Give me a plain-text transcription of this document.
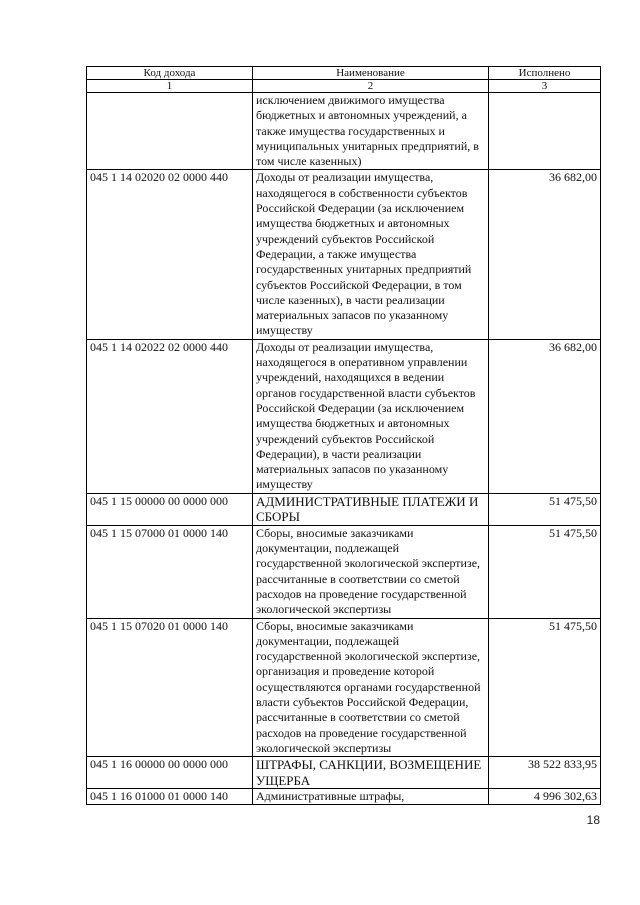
Код дохода	Наименование	Исполнено
1	2	3
	исключением движимого имущества бюджетных и автономных учреждений, а также имущества государственных и муниципальных унитарных предприятий, в том числе казенных)	
045 1 14 02020 02 0000 440	Доходы от реализации имущества, находящегося в собственности субъектов Российской Федерации (за исключением имущества бюджетных и автономных учреждений субъектов Российской Федерации, а также имущества государственных унитарных предприятий субъектов Российской Федерации, в том числе казенных), в части реализации материальных запасов по указанному имуществу	36 682,00
045 1 14 02022 02 0000 440	Доходы от реализации имущества, находящегося в оперативном управлении учреждений, находящихся в ведении органов государственной власти субъектов Российской Федерации (за исключением имущества бюджетных и автономных учреждений субъектов Российской Федерации), в части реализации материальных запасов по указанному имуществу	36 682,00
045 1 15 00000 00 0000 000	АДМИНИСТРАТИВНЫЕ ПЛАТЕЖИ И СБОРЫ	51 475,50
045 1 15 07000 01 0000 140	Сборы, вносимые заказчиками документации, подлежащей государственной экологической экспертизе, рассчитанные в соответствии со сметой расходов на проведение государственной экологической экспертизы	51 475,50
045 1 15 07020 01 0000 140	Сборы, вносимые заказчиками документации, подлежащей государственной экологической экспертизе, организация и проведение которой осуществляются органами государственной власти субъектов Российской Федерации, рассчитанные в соответствии со сметой расходов на проведение государственной экологической экспертизы	51 475,50
045 1 16 00000 00 0000 000	ШТРАФЫ, САНКЦИИ, ВОЗМЕЩЕНИЕ УЩЕРБА	38 522 833,95
045 1 16 01000 01 0000 140	Административные штрафы,	4 996 302,63
18
